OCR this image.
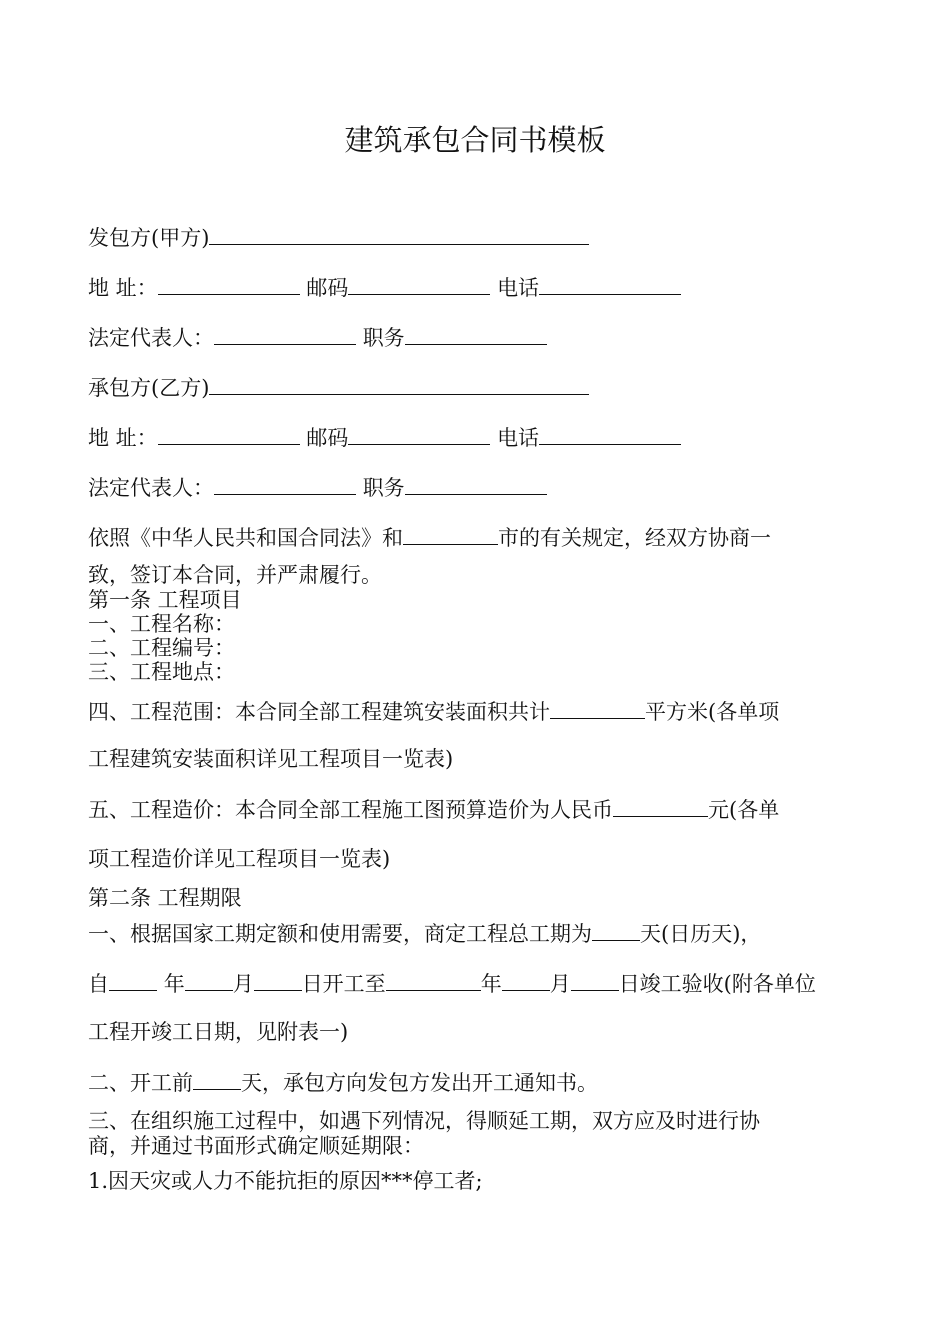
建筑承包合同书模板
发包方(甲方)
地 址：	邮码	电话
法定代表人：	职务
承包方(乙方)
地 址：	邮码	电话
法定代表人：	职务
依照《中华人民共和国合同法》和	市的有关规定，经双方协商一
致，签订本合同，并严肃履行。
第一条 工程项目
一、工程名称：
二、工程编号：
三、工程地点：
四、工程范围：本合同全部工程建筑安装面积共计	平方米(各单项
工程建筑安装面积详见工程项目一览表)
五、工程造价：本合同全部工程施工图预算造价为人民币	元(各单
项工程造价详见工程项目一览表)
第二条 工程期限
一、根据国家工期定额和使用需要，商定工程总工期为 天(日历天)，
自	年 月 日开工至	年 月 日竣工验收(附各单位
工程开竣工日期，见附表一)
二、开工前 天，承包方向发包方发出开工通知书。
三、在组织施工过程中，如遇下列情况，得顺延工期，双方应及时进行协
商，并通过书面形式确定顺延期限：
1.因天灾或人力不能抗拒的原因***停工者;
